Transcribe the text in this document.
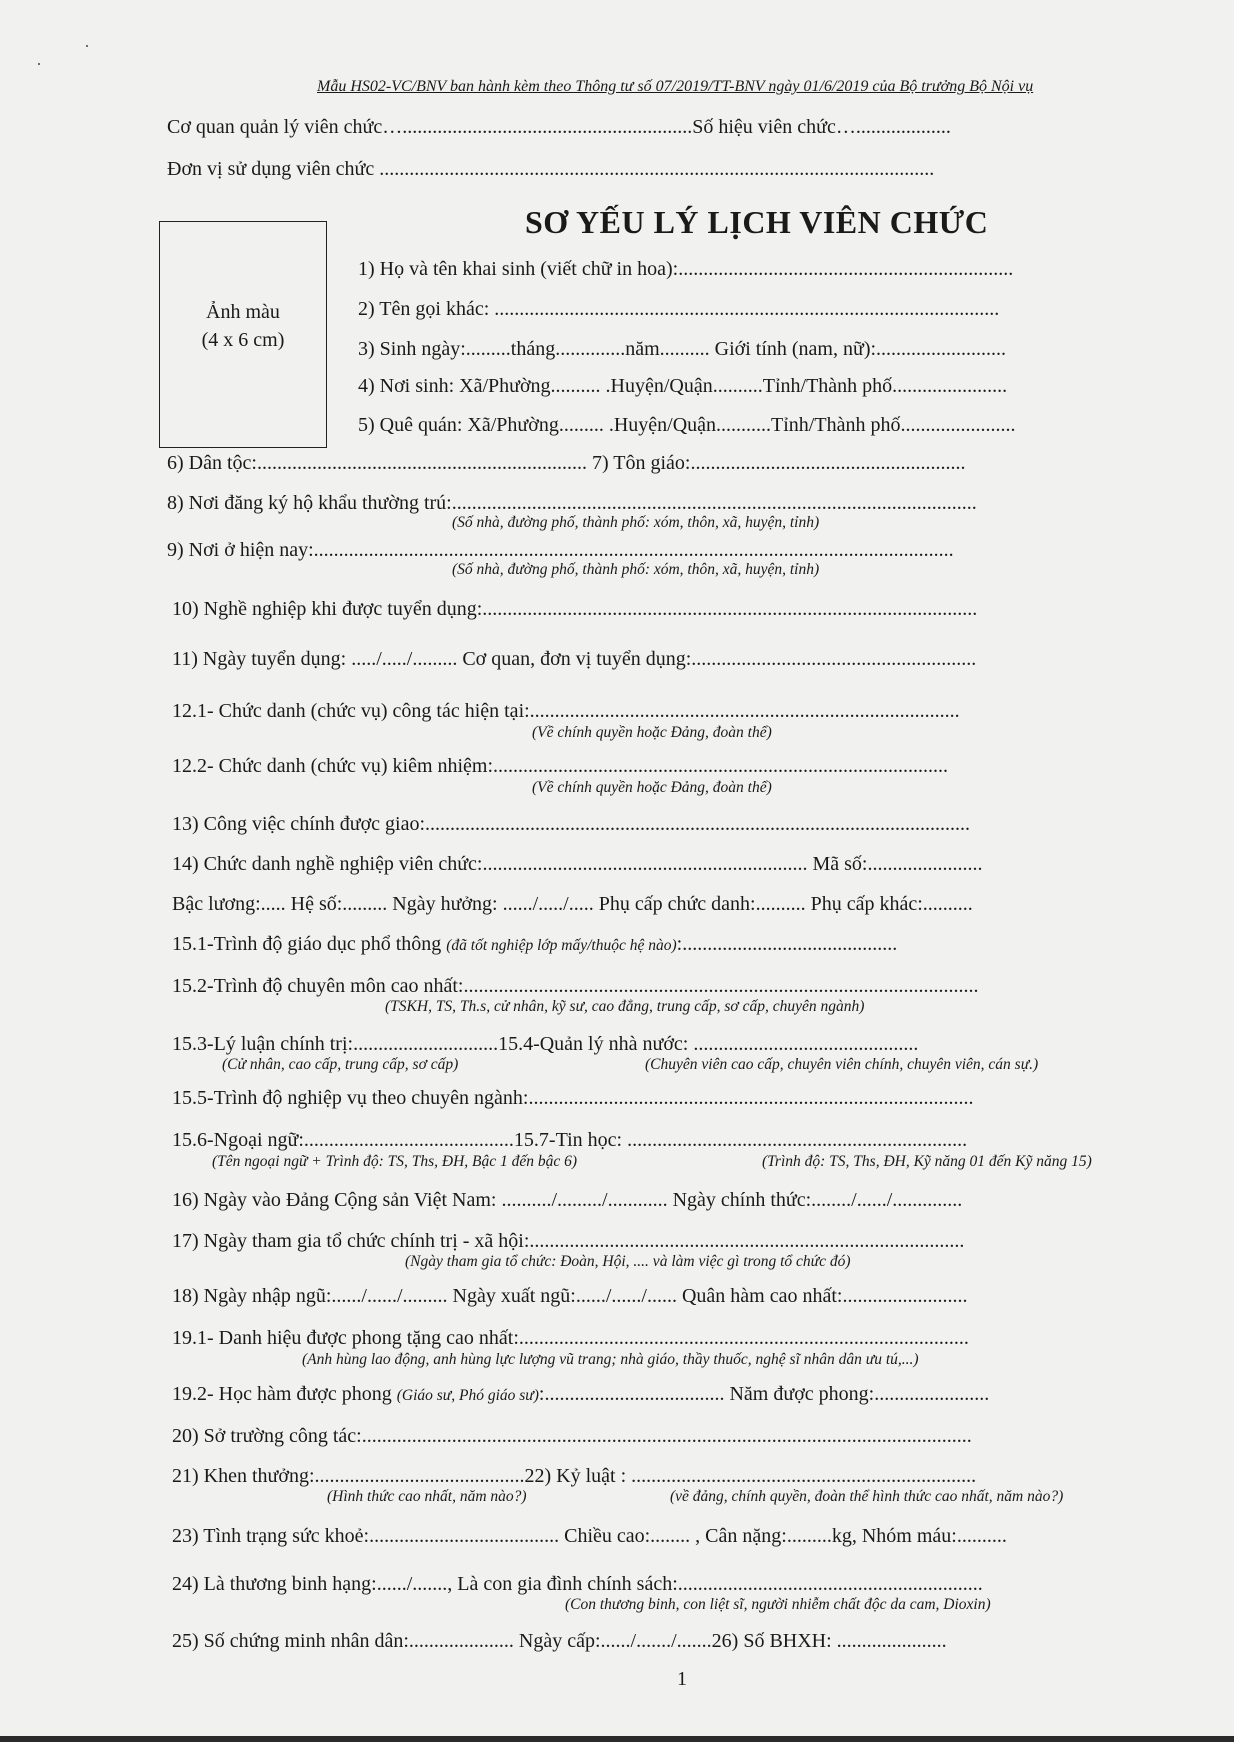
Mẫu HS02-VC/BNV ban hành kèm theo Thông tư số 07/2019/TT-BNV ngày 01/6/2019 của Bộ trưởng Bộ Nội vụ
Cơ quan quản lý viên chức…..........................................................Số hiệu viên chức…...................
Đơn vị sử dụng viên chức ...............................................................................................................
Ảnh màu
(4 x 6 cm)
SƠ YẾU LÝ LỊCH VIÊN CHỨC
1) Họ và tên khai sinh (viết chữ in hoa):...................................................................
2) Tên gọi khác: .....................................................................................................
3) Sinh ngày:.........tháng..............năm.......... Giới tính (nam, nữ):..........................
4) Nơi sinh: Xã/Phường.......... .Huyện/Quận..........Tỉnh/Thành phố.......................
5) Quê quán: Xã/Phường......... .Huyện/Quận...........Tỉnh/Thành phố.......................
6) Dân tộc:.................................................................. 7) Tôn giáo:.......................................................
8) Nơi đăng ký hộ khẩu thường trú:.........................................................................................................
(Số nhà, đường phố, thành phố: xóm, thôn, xã, huyện, tỉnh)
9) Nơi ở hiện nay:................................................................................................................................
(Số nhà, đường phố, thành phố: xóm, thôn, xã, huyện, tỉnh)
10) Nghề nghiệp khi được tuyển dụng:...................................................................................................
11) Ngày tuyển dụng: ...../...../......... Cơ quan, đơn vị tuyển dụng:.........................................................
12.1- Chức danh (chức vụ) công tác hiện tại:......................................................................................
(Về chính quyền hoặc Đảng, đoàn thể)
12.2- Chức danh (chức vụ) kiêm nhiệm:...........................................................................................
(Về chính quyền hoặc Đảng, đoàn thể)
13) Công việc chính được giao:.............................................................................................................
14) Chức danh nghề nghiệp viên chức:................................................................. Mã số:.......................
Bậc lương:..... Hệ số:......... Ngày hưởng: ....../...../..... Phụ cấp chức danh:.......... Phụ cấp khác:..........
15.1-Trình độ giáo dục phổ thông (đã tốt nghiệp lớp mấy/thuộc hệ nào):...........................................
15.2-Trình độ chuyên môn cao nhất:.......................................................................................................
(TSKH, TS, Th.s, cử nhân, kỹ sư, cao đẳng, trung cấp, sơ cấp, chuyên ngành)
15.3-Lý luận chính trị:.............................15.4-Quản lý nhà nước: .............................................
(Cử nhân, cao cấp, trung cấp, sơ cấp)	(Chuyên viên cao cấp, chuyên viên chính, chuyên viên, cán sự.)
15.5-Trình độ nghiệp vụ theo chuyên ngành:.........................................................................................
15.6-Ngoại ngữ:..........................................15.7-Tin học: ....................................................................
(Tên ngoại ngữ + Trình độ: TS, Ths, ĐH, Bậc 1 đến bậc 6)	(Trình độ: TS, Ths, ĐH, Kỹ năng 01 đến Kỹ năng 15)
16) Ngày vào Đảng Cộng sản Việt Nam: ........../........./............ Ngày chính thức:......../....../..............
17) Ngày tham gia tổ chức chính trị - xã hội:.......................................................................................
(Ngày tham gia tổ chức: Đoàn, Hội, .... và làm việc gì trong tổ chức đó)
18) Ngày nhập ngũ:....../....../......... Ngày xuất ngũ:....../....../...... Quân hàm cao nhất:.........................
19.1- Danh hiệu được phong tặng cao nhất:..........................................................................................
(Anh hùng lao động, anh hùng lực lượng vũ trang; nhà giáo, thầy thuốc, nghệ sĩ nhân dân ưu tú,...)
19.2- Học hàm được phong (Giáo sư, Phó giáo sư):.................................... Năm được phong:.......................
20) Sở trường công tác:..........................................................................................................................
21) Khen thưởng:..........................................22) Kỷ luật : .....................................................................
(Hình thức cao nhất, năm nào?)	(về đảng, chính quyền, đoàn thể hình thức cao nhất, năm nào?)
23) Tình trạng sức khoẻ:...................................... Chiều cao:........ , Cân nặng:.........kg, Nhóm máu:..........
24) Là thương binh hạng:....../......., Là con gia đình chính sách:.............................................................
(Con thương binh, con liệt sĩ, người nhiễm chất độc da cam, Dioxin)
25) Số chứng minh nhân dân:..................... Ngày cấp:....../......./.......26) Số BHXH: ......................
1
